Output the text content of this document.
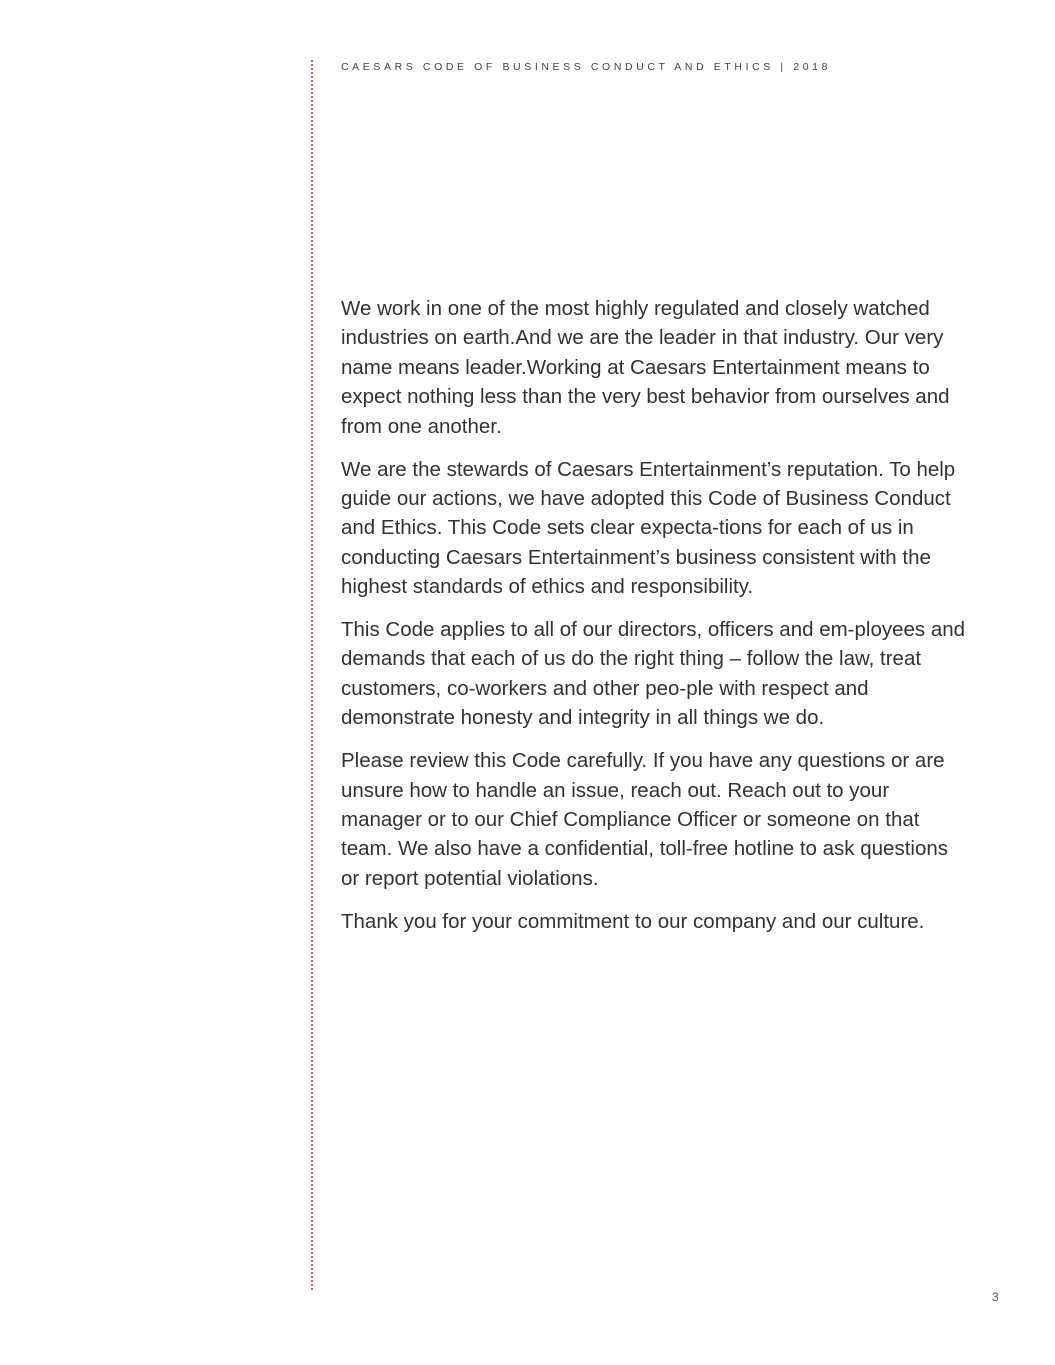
CAESARS CODE OF BUSINESS CONDUCT AND ETHICS | 2018

We work in one of the most highly regulated and closely watched industries on earth.And we are the leader in that industry. Our very name means leader.Working at Caesars Entertainment means to expect nothing less than the very best behavior from ourselves and from one another.

We are the stewards of Caesars Entertainment’s reputation. To help guide our actions, we have adopted this Code of Business Conduct and Ethics. This Code sets clear expecta-tions for each of us in conducting Caesars Entertainment’s business consistent with the highest standards of ethics and responsibility.

This Code applies to all of our directors, officers and em-ployees and demands that each of us do the right thing – follow the law, treat customers, co-workers and other peo-ple with respect and demonstrate honesty and integrity in all things we do.

Please review this Code carefully. If you have any questions or are unsure how to handle an issue, reach out. Reach out to your manager or to our Chief Compliance Officer or someone on that team. We also have a confidential, toll-free hotline to ask questions or report potential violations.

Thank you for your commitment to our company and our culture.

3
